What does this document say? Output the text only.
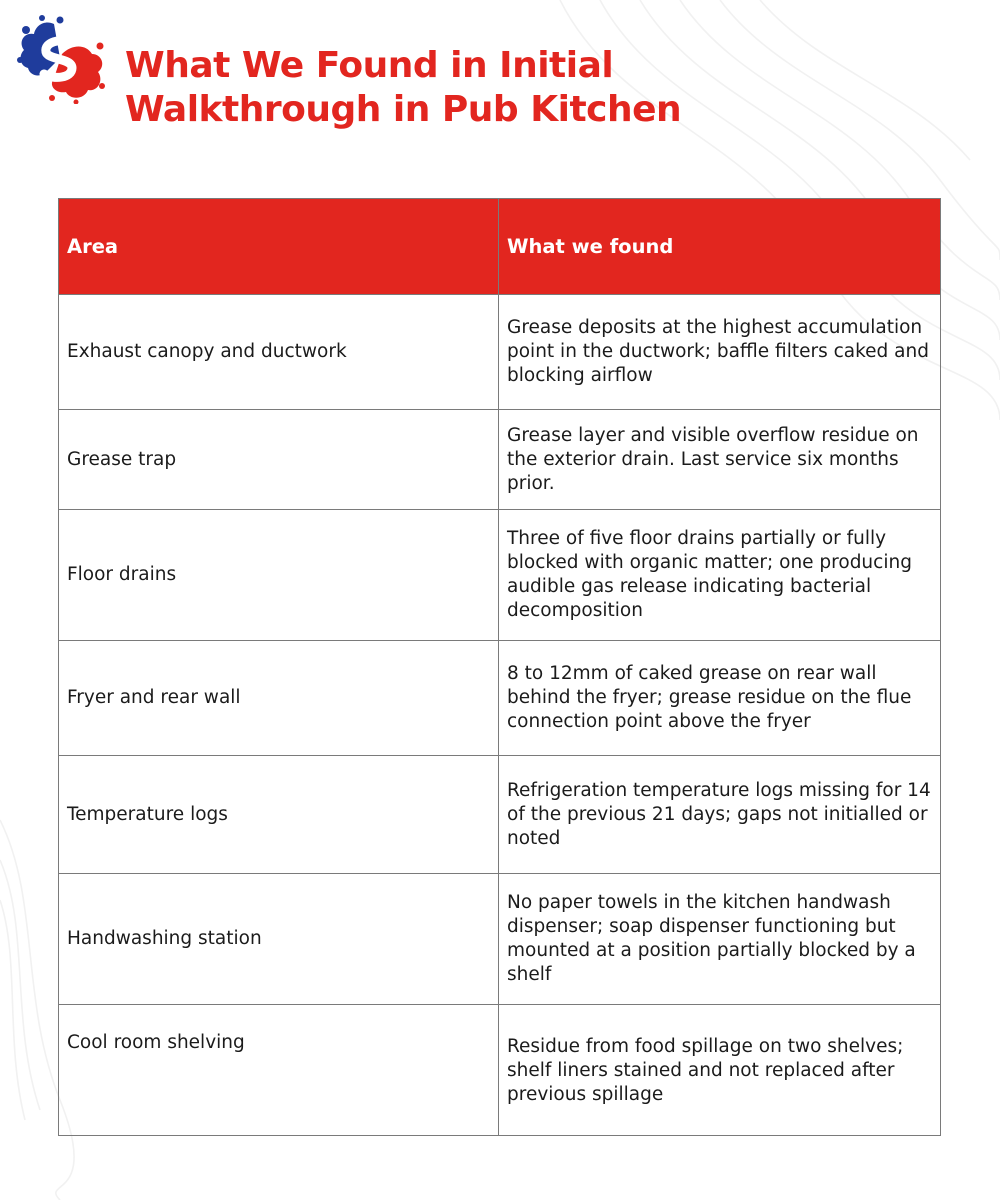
What We Found in Initial
Walkthrough in Pub Kitchen
Area	What we found
Exhaust canopy and ductwork	Grease deposits at the highest accumulation point in the ductwork; baffle filters caked and blocking airflow
Grease trap	Grease layer and visible overflow residue on the exterior drain. Last service six months prior.
Floor drains	Three of five floor drains partially or fully blocked with organic matter; one producing audible gas release indicating bacterial decomposition
Fryer and rear wall	8 to 12mm of caked grease on rear wall behind the fryer; grease residue on the flue connection point above the fryer
Temperature logs	Refrigeration temperature logs missing for 14 of the previous 21 days; gaps not initialled or noted
Handwashing station	No paper towels in the kitchen handwash dispenser; soap dispenser functioning but mounted at a position partially blocked by a shelf
Cool room shelving	Residue from food spillage on two shelves; shelf liners stained and not replaced after previous spillage
